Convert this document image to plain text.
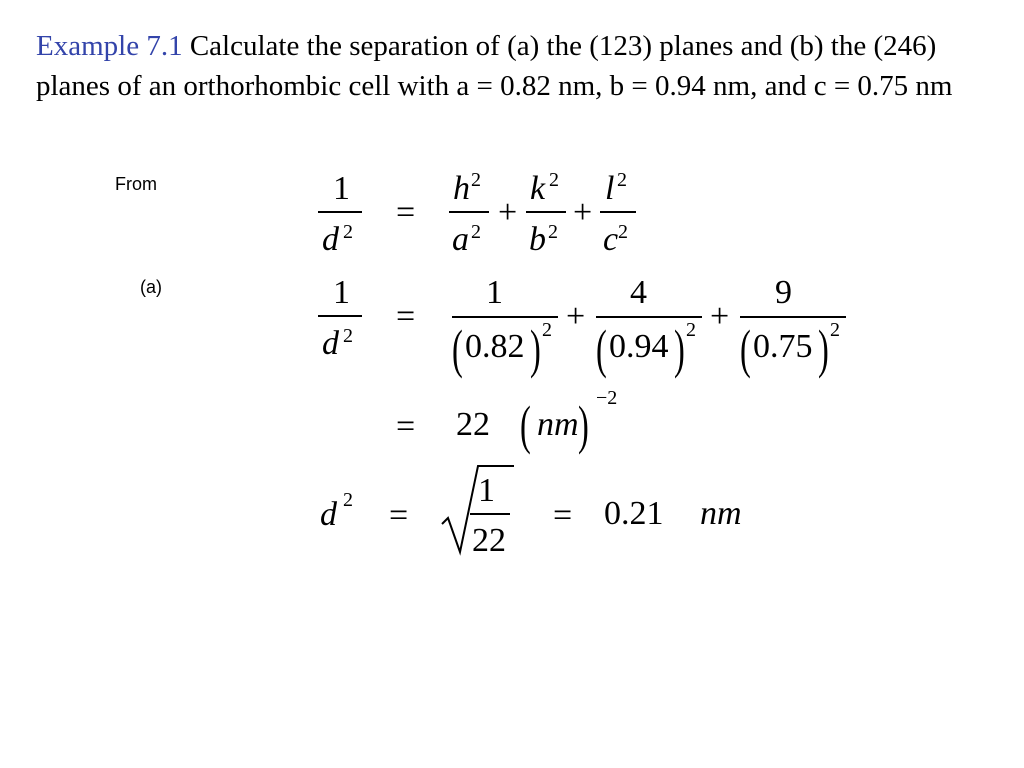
Example 7.1 Calculate the separation of (a) the (123) planes and (b) the (246) planes of an orthorhombic cell with a = 0.82 nm, b = 0.94 nm, and c = 0.75 nm
From
(a)
1
d 2
=
h 2
a 2
+
k 2
b 2
+
l 2
c 2
1
d 2
=
1
( 0.82 ) 2 +
4
( 0.94 ) 2 +
9
( 0.75 ) 2
= 22 ( nm ) −2
d 2 =
1
22
= 0.21 nm
